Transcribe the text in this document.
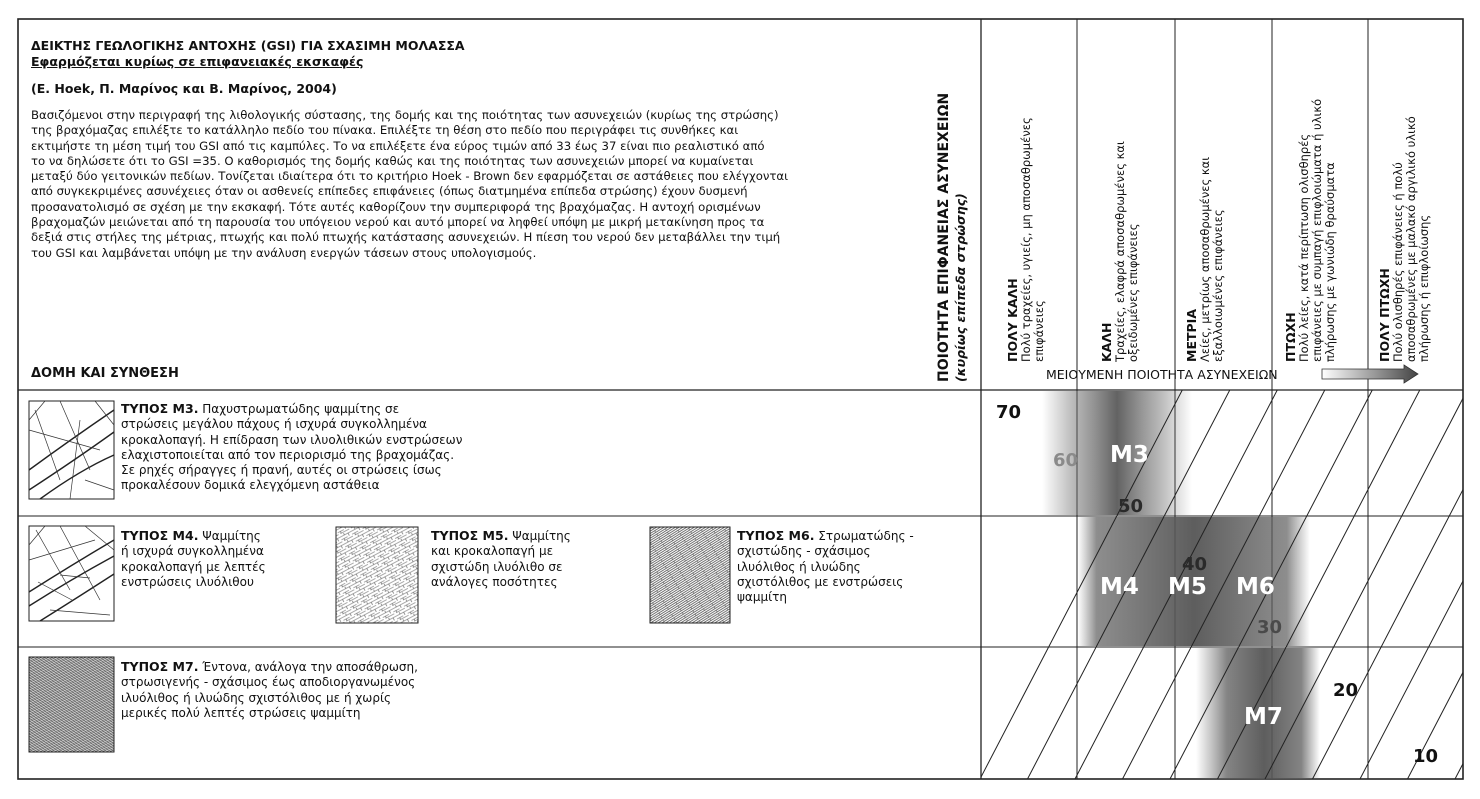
ΜΕΙΟΥΜΕΝΗ ΠΟΙΟΤΗΤΑ ΑΣΥΝΕΧΕΙΩΝ
M3
M4 M5 M6
M7
70
60
50
40
30
20
10
ΔΕΙΚΤΗΣ ΓΕΩΛΟΓΙΚΗΣ ΑΝΤΟΧΗΣ (GSI) ΓΙΑ ΣΧΑΣΙΜΗ ΜΟΛΑΣΣΑ
Εφαρμόζεται κυρίως σε επιφανειακές εκσκαφές
(Ε. Hoek, Π. Μαρίνος και Β. Μαρίνος, 2004)
Βασιζόμενοι στην περιγραφή της λιθολογικής σύστασης, της δομής και της ποιότητας των ασυνεχειών (κυρίως της στρώσης)
της βραχόμαζας επιλέξτε το κατάλληλο πεδίο του πίνακα. Επιλέξτε τη θέση στο πεδίο που περιγράφει τις συνθήκες και
εκτιμήστε τη μέση τιμή του GSI από τις καμπύλες. Το να επιλέξετε ένα εύρος τιμών από 33 έως 37 είναι πιο ρεαλιστικό από
το να δηλώσετε ότι το GSI =35. Ο καθορισμός της δομής καθώς και της ποιότητας των ασυνεχειών μπορεί να κυμαίνεται
μεταξύ δύο γειτονικών πεδίων. Τονίζεται ιδιαίτερα ότι το κριτήριο Hoek - Brown δεν εφαρμόζεται σε αστάθειες που ελέγχονται
από συγκεκριμένες ασυνέχειες όταν οι ασθενείς επίπεδες επιφάνειες (όπως διατμημένα επίπεδα στρώσης) έχουν δυσμενή
προσανατολισμό σε σχέση με την εκσκαφή. Τότε αυτές καθορίζουν την συμπεριφορά της βραχόμαζας. Η αντοχή ορισμένων
βραχομαζών μειώνεται από τη παρουσία του υπόγειου νερού και αυτό μπορεί να ληφθεί υπόψη με μικρή μετακίνηση προς τα
δεξιά στις στήλες της μέτριας, πτωχής και πολύ πτωχής κατάστασης ασυνεχειών. Η πίεση του νερού δεν μεταβάλλει την τιμή
του GSI και λαμβάνεται υπόψη με την ανάλυση ενεργών τάσεων στους υπολογισμούς.
ΔΟΜΗ ΚΑΙ ΣΥΝΘΕΣΗ	ΠΟΙΟΤΗΤΑ ΕΠΙΦΑΝΕΙΑΣ ΑΣΥΝΕΧΕΙΩΝ (κυρίως επίπεδα στρώσης)	ΠΟΛΥ ΚΑΛΗ Πολύ τραχείες, υγιείς, μη αποσαθρωμένες επιφάνειες	ΚΑΛΗ Τραχείες, ελαφρά αποσαθρωμένες και οξειδωμένες επιφάνειες	ΜΕΤΡΙΑ Λείες, μετρίως αποσαθρωμένες και εξαλλοιωμένες επιφάνειες	ΠΤΩΧΗ Πολύ λείες, κατά περίπτωση ολισθηρές επιφάνειες με συμπαγή επιφλοιώματα ή υλικό πλήρωσης με γωνιώδη θραύσματα	ΠΟΛΥ ΠΤΩΧΗ Πολύ ολισθηρές επιφάνειες ή πολύ αποσαθρωμένες με μαλακό αργιλικό υλικό πλήρωσης ή επιφλοίωσης
ΤΥΠΟΣ Μ3. Παχυστρωματώδης ψαμμίτης σε
στρώσεις μεγάλου πάχους ή ισχυρά συγκολλημένα
κροκαλοπαγή. Η επίδραση των ιλυολιθικών ενστρώσεων
ελαχιστοποιείται από τον περιορισμό της βραχομάζας.
Σε ρηχές σήραγγες ή πρανή, αυτές οι στρώσεις ίσως
προκαλέσουν δομικά ελεγχόμενη αστάθεια
ΤΥΠΟΣ Μ4. Ψαμμίτης
ή ισχυρά συγκολλημένα
κροκαλοπαγή με λεπτές
ενστρώσεις ιλυόλιθου
ΤΥΠΟΣ Μ5. Ψαμμίτης
και κροκαλοπαγή με
σχιστώδη ιλυόλιθο σε
ανάλογες ποσότητες
ΤΥΠΟΣ Μ6. Στρωματώδης -
σχιστώδης - σχάσιμος
ιλυόλιθος ή ιλυώδης
σχιστόλιθος με ενστρώσεις
ψαμμίτη
ΤΥΠΟΣ Μ7. Έντονα, ανάλογα την αποσάθρωση,
στρωσιγενής - σχάσιμος έως αποδιοργανωμένος
ιλυόλιθος ή ιλυώδης σχιστόλιθος με ή χωρίς
μερικές πολύ λεπτές στρώσεις ψαμμίτη
